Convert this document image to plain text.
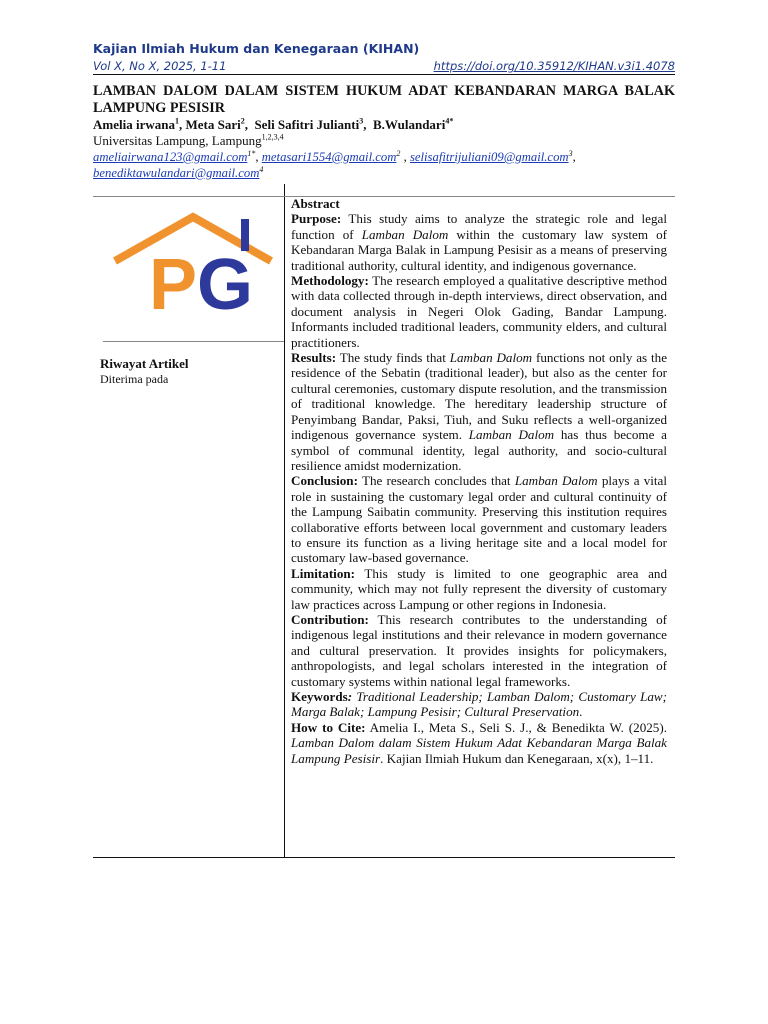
Kajian Ilmiah Hukum dan Kenegaraan (KIHAN)
Vol X, No X, 2025, 1-11	https://doi.org/10.35912/KIHAN.v3i1.4078
LAMBAN DALOM DALAM SISTEM HUKUM ADAT KEBANDARAN MARGA BALAK LAMPUNG PESISIR
Amelia irwana$^1$, Meta Sari$^2$,  Seli Safitri Julianti$^3$,  B.Wulandari$^{4*}$
Universitas Lampung, Lampung$^{1,2,3,4}$
ameliairwana123@gmail.com$^{1*}$, metasari1554@gmail.com$^2$ , selisafitrijuliani09@gmail.com$^3$,
benediktawulandari@gmail.com$^4$
P G
Riwayat Artikel
Diterima pada

Abstract

Purpose: This study aims to analyze the strategic role and legal function of Lamban Dalom within the customary law system of Kebandaran Marga Balak in Lampung Pesisir as a means of preserving traditional authority, cultural identity, and indigenous governance.

Methodology: The research employed a qualitative descriptive method with data collected through in-depth interviews, direct observation, and document analysis in Negeri Olok Gading, Bandar Lampung. Informants included traditional leaders, community elders, and cultural practitioners.

Results: The study finds that Lamban Dalom functions not only as the residence of the Sebatin (traditional leader), but also as the center for cultural ceremonies, customary dispute resolution, and the transmission of traditional knowledge. The hereditary leadership structure of Penyimbang Bandar, Paksi, Tiuh, and Suku reflects a well-organized indigenous governance system. Lamban Dalom has thus become a symbol of communal identity, legal authority, and socio-cultural resilience amidst modernization.

Conclusion: The research concludes that Lamban Dalom plays a vital role in sustaining the customary legal order and cultural continuity of the Lampung Saibatin community. Preserving this institution requires collaborative efforts between local government and customary leaders to ensure its function as a living heritage site and a local model for customary law-based governance.

Limitation: This study is limited to one geographic area and community, which may not fully represent the diversity of customary law practices across Lampung or other regions in Indonesia.

Contribution: This research contributes to the understanding of indigenous legal institutions and their relevance in modern governance and cultural preservation. It provides insights for policymakers, anthropologists, and legal scholars interested in the integration of customary systems within national legal frameworks.

Keywords: Traditional Leadership; Lamban Dalom; Customary Law; Marga Balak; Lampung Pesisir; Cultural Preservation.

How to Cite: Amelia I., Meta S., Seli S. J., & Benedikta W. (2025). Lamban Dalom dalam Sistem Hukum Adat Kebandaran Marga Balak Lampung Pesisir. Kajian Ilmiah Hukum dan Kenegaraan, x(x), 1–11.
